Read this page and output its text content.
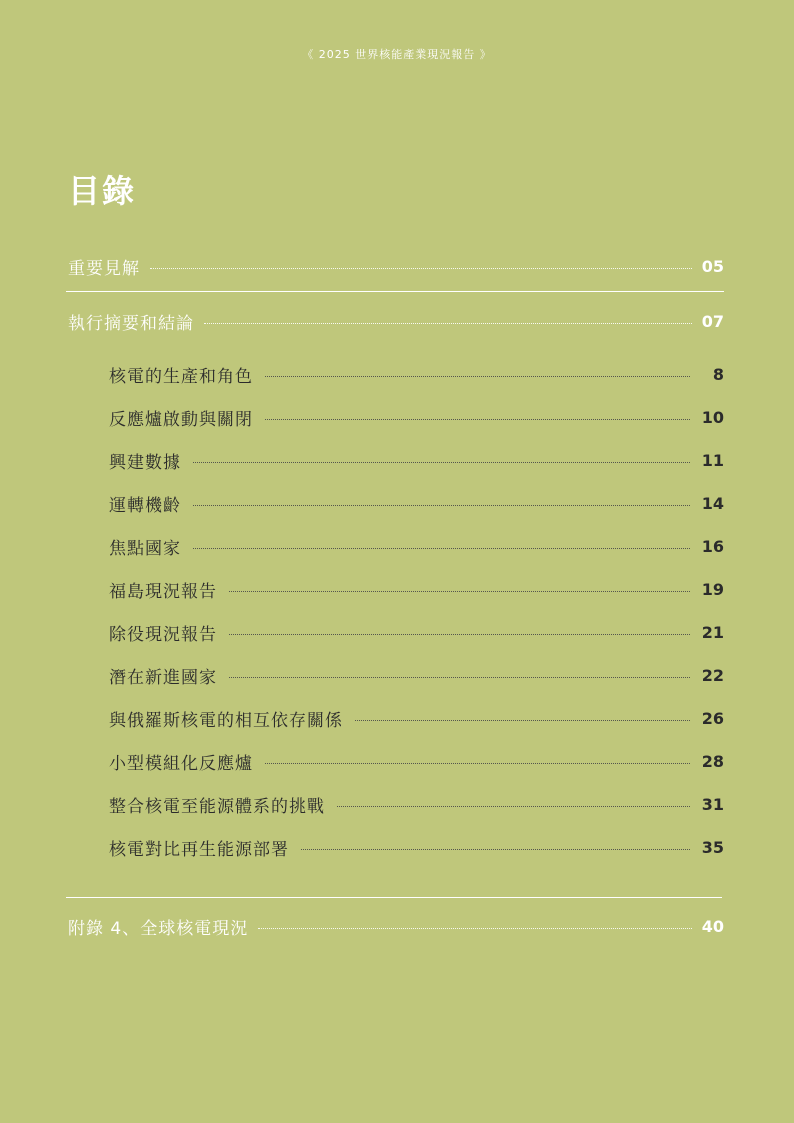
《 2025 世界核能產業現況報告 》
目錄
重要見解	05
執行摘要和結論	07
核電的生產和角色	8
反應爐啟動與關閉	10
興建數據	11
運轉機齡	14
焦點國家	16
福島現況報告	19
除役現況報告	21
潛在新進國家	22
與俄羅斯核電的相互依存關係	26
小型模組化反應爐	28
整合核電至能源體系的挑戰	31
核電對比再生能源部署	35
附錄 4、全球核電現況	40
